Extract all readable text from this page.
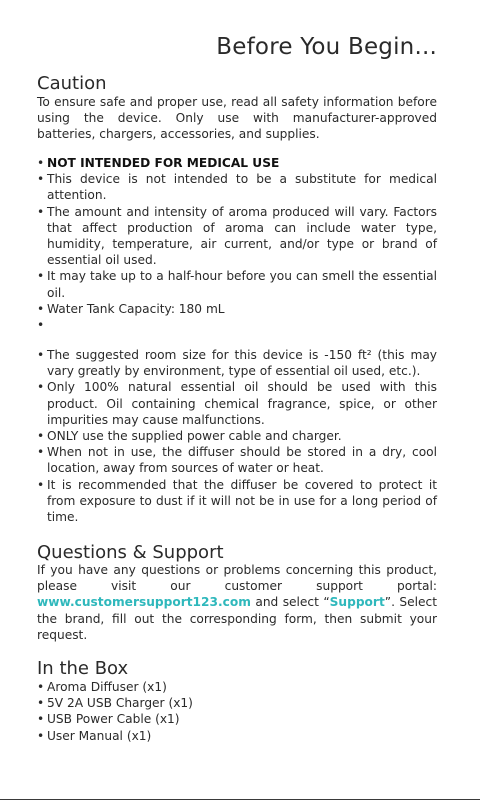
Before You Begin...
Caution
To ensure safe and proper use, read all safety information before using the device. Only use with manufacturer-approved batteries, chargers, accessories, and supplies.
• NOT INTENDED FOR MEDICAL USE
• This device is not intended to be a substitute for medical attention.
• The amount and intensity of aroma produced will vary. Factors that affect production of aroma can include water type, humidity, temperature, air current, and/or type or brand of essential oil used.
• It may take up to a half-hour before you can smell the essential oil.
• Water Tank Capacity: 180 mL
•
• The suggested room size for this device is -150 ft² (this may vary greatly by environment, type of essential oil used, etc.).
• Only 100% natural essential oil should be used with this product. Oil containing chemical fragrance, spice, or other impurities may cause malfunctions.
• ONLY use the supplied power cable and charger.
• When not in use, the diffuser should be stored in a dry, cool location, away from sources of water or heat.
• It is recommended that the diffuser be covered to protect it from exposure to dust if it will not be in use for a long period of time.
Questions & Support
If you have any questions or problems concerning this product, please visit our customer support portal: www.customersupport123.com and select “Support”. Select the brand, fill out the corresponding form, then submit your request.
In the Box
• Aroma Diffuser (x1)
• 5V 2A USB Charger (x1)
• USB Power Cable (x1)
• User Manual (x1)
